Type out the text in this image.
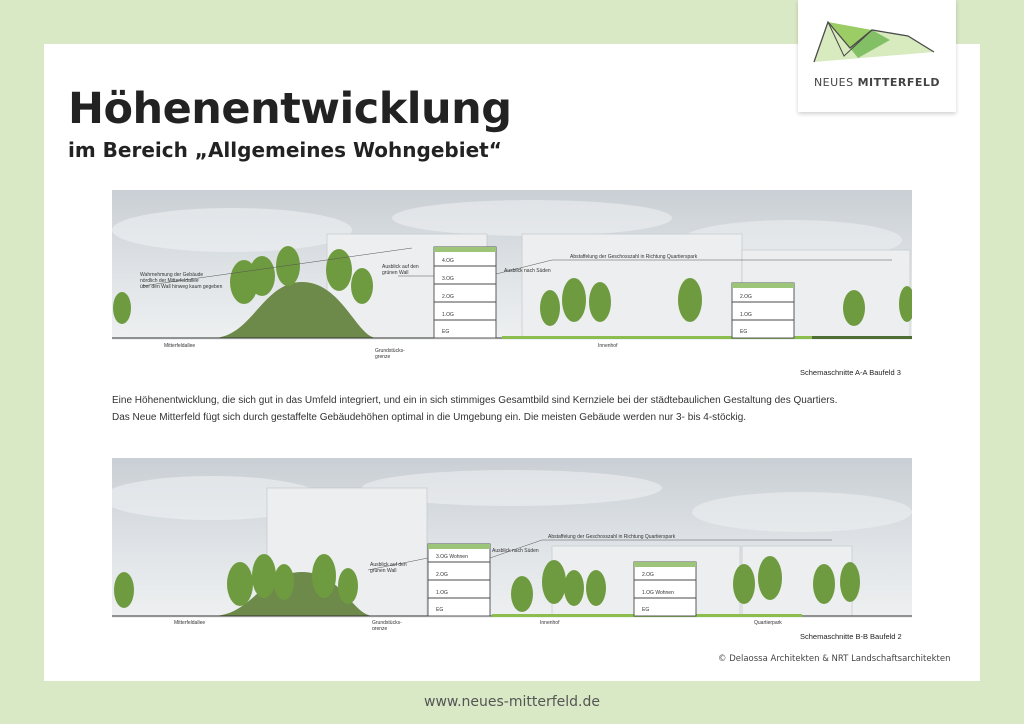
NEUES MITTERFELD
Höhenentwicklung
im Bereich „Allgemeines Wohngebiet“
Wahrnehmung der Gebäude
nördlich der Mitterfeldallee
über den Wall hinweg kaum gegeben
Ausblick auf den
grünen Wall	Ausblick nach Süden
Abstaffelung der Geschosszahl in Richtung Quartierspark
4.OG
3.OG
2.OG
1.OG
EG
2.OG
1.OG
EG
Mitterfeldallee
Grundstücks-
grenze
Innenhof
Schemaschnitte A-A Baufeld 3

Eine Höhenentwicklung, die sich gut in das Umfeld integriert, und ein in sich stimmiges Gesamtbild sind Kernziele bei der städtebaulichen Gestaltung des Quartiers.

Das Neue Mitterfeld fügt sich durch gestaffelte Gebäudehöhen optimal in die Umgebung ein. Die meisten Gebäude werden nur 3- bis 4-stöckig.

Ausblick auf den
grünen Wall
Ausblick nach Süden
Abstaffelung der Geschosszahl in Richtung Quartierspark
3.OG Wohnen
2.OG
1.OG
EG
2.OG
1.OG Wohnen
EG
Mitterfeldallee	Grundstücks-
grenze
Innenhof	Quartierpark
Schemaschnitte B-B Baufeld 2
© Delaossa Architekten & NRT Landschaftsarchitekten
www.neues-mitterfeld.de
